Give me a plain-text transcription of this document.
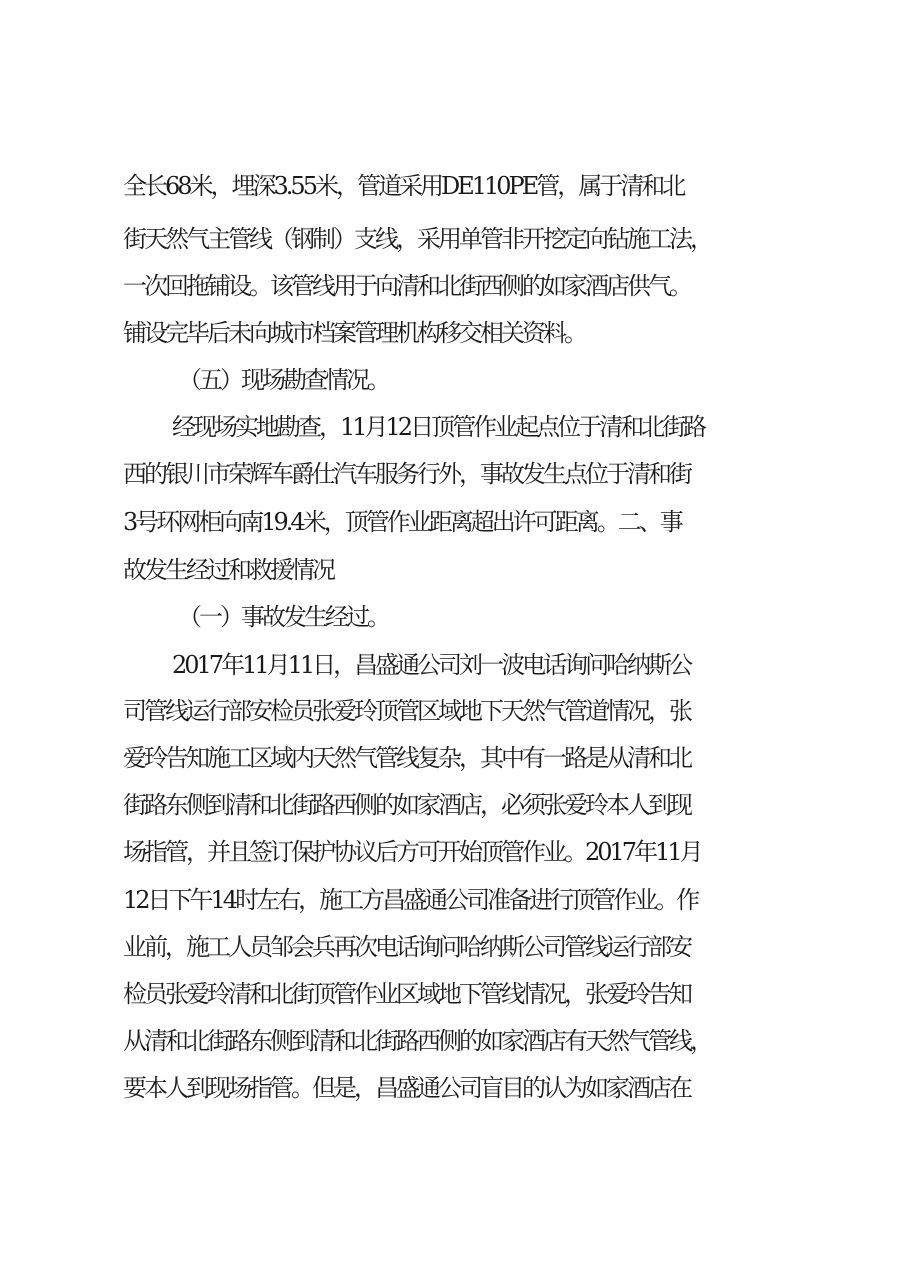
全长68米，埋深3.55米，管道采用DE110PE管，属于清和北
街天然气主管线（钢制）支线，采用单管非开挖定向钻施工法，
一次回拖铺设。该管线用于向清和北街西侧的如家酒店供气。
铺设完毕后未向城市档案管理机构移交相关资料。
（五）现场勘查情况。
经现场实地勘查，11月12日顶管作业起点位于清和北街路
西的银川市荣辉车爵仕汽车服务行外，事故发生点位于清和街
3号环网柜向南19.4米，顶管作业距离超出许可距离。二、事
故发生经过和救援情况
（一）事故发生经过。
2017年11月11日，昌盛通公司刘一波电话询问哈纳斯公
司管线运行部安检员张爱玲顶管区域地下天然气管道情况，张
爱玲告知施工区域内天然气管线复杂，其中有一路是从清和北
街路东侧到清和北街路西侧的如家酒店，必须张爱玲本人到现
场指管，并且签订保护协议后方可开始顶管作业。2017年11月
12日下午14时左右，施工方昌盛通公司准备进行顶管作业。作
业前，施工人员邹会兵再次电话询问哈纳斯公司管线运行部安
检员张爱玲清和北街顶管作业区域地下管线情况，张爱玲告知
从清和北街路东侧到清和北街路西侧的如家酒店有天然气管线，
要本人到现场指管。但是，昌盛通公司盲目的认为如家酒店在
